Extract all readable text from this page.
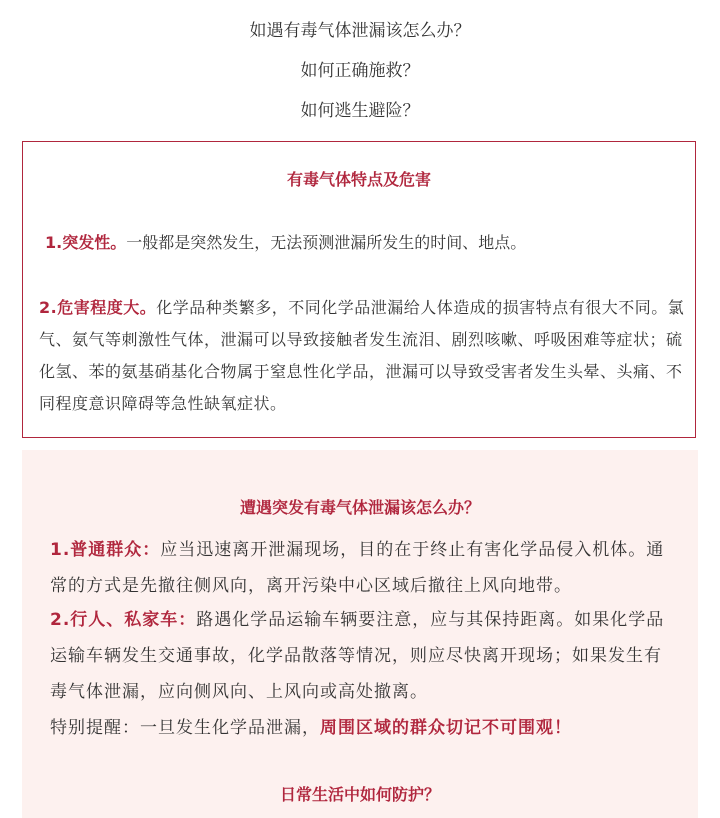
如遇有毒气体泄漏该怎么办？
如何正确施救？
如何逃生避险？
有毒气体特点及危害
1.突发性。一般都是突然发生，无法预测泄漏所发生的时间、地点。
2.危害程度大。化学品种类繁多，不同化学品泄漏给人体造成的损害特点有很大不同。氯气、氨气等刺激性气体，泄漏可以导致接触者发生流泪、剧烈咳嗽、呼吸困难等症状；硫化氢、苯的氨基硝基化合物属于窒息性化学品，泄漏可以导致受害者发生头晕、头痛、不同程度意识障碍等急性缺氧症状。
遭遇突发有毒气体泄漏该怎么办？
1.普通群众：应当迅速离开泄漏现场，目的在于终止有害化学品侵入机体。通常的方式是先撤往侧风向，离开污染中心区域后撤往上风向地带。
2.行人、私家车：路遇化学品运输车辆要注意，应与其保持距离。如果化学品运输车辆发生交通事故，化学品散落等情况，则应尽快离开现场；如果发生有毒气体泄漏，应向侧风向、上风向或高处撤离。
特别提醒：一旦发生化学品泄漏，周围区域的群众切记不可围观！
日常生活中如何防护？
